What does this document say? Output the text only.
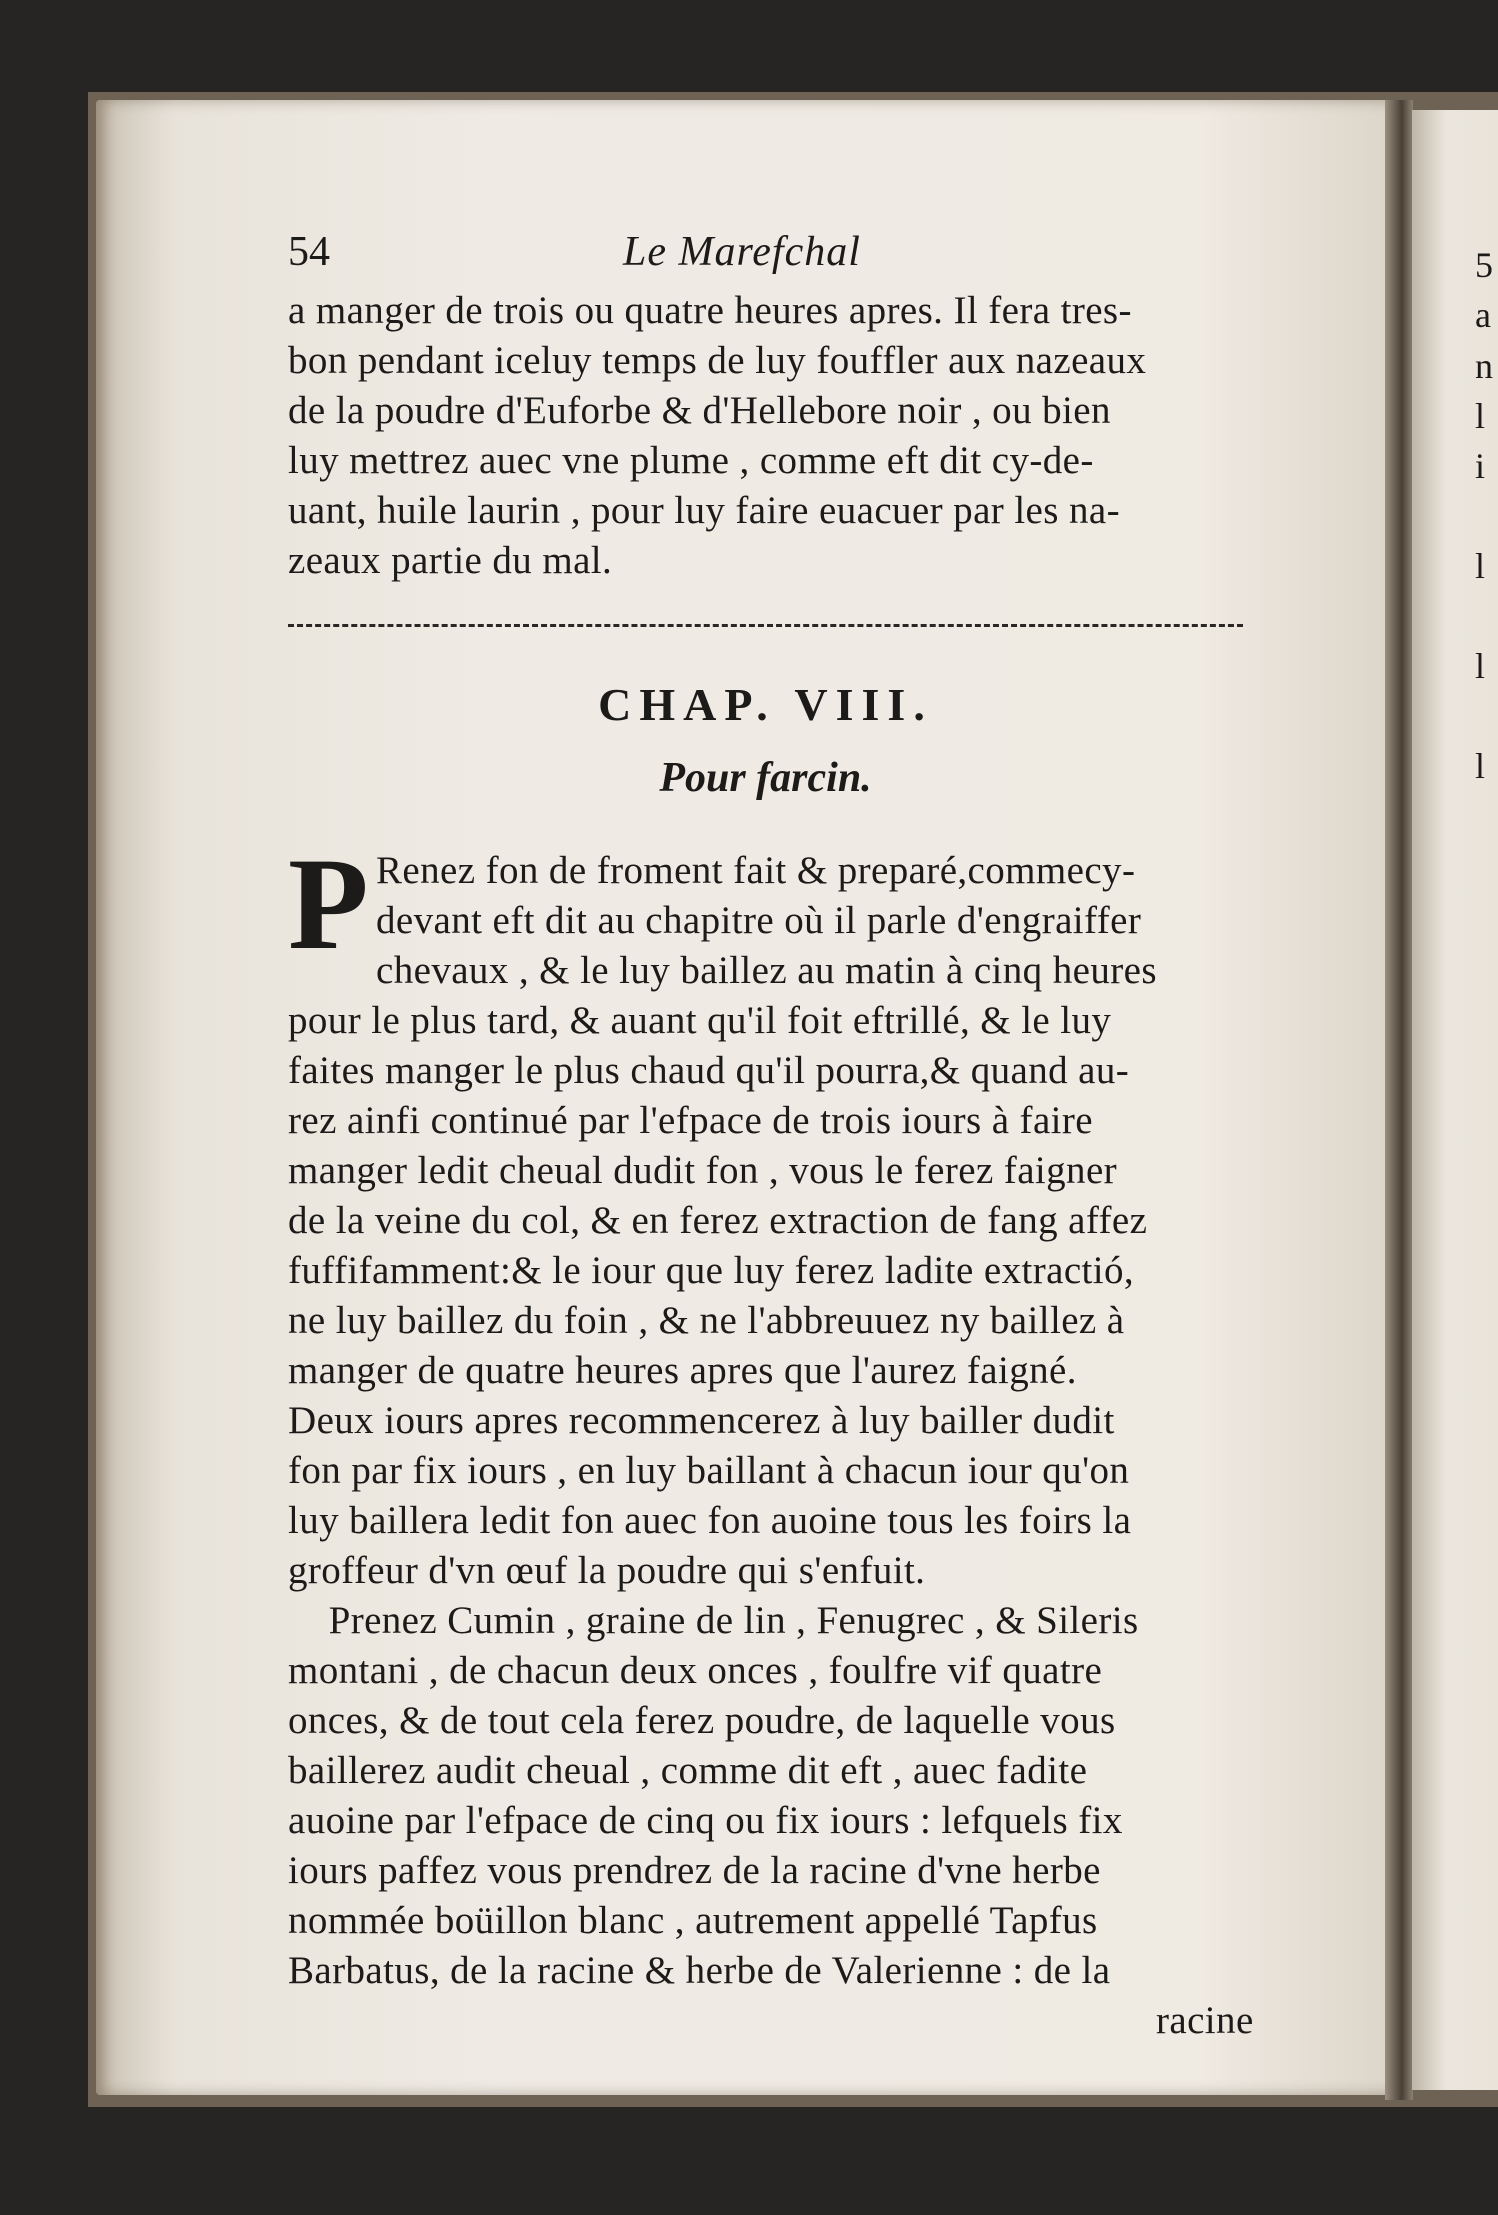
5
a
n
l
i
l
l
l
54	Le Marefchal
a manger de trois ou quatre heures apres. Il fera tres-
bon pendant iceluy temps de luy fouffler aux nazeaux
de la poudre d'Euforbe & d'Hellebore noir , ou bien
luy mettrez auec vne plume , comme eft dit cy-de-
uant, huile laurin , pour luy faire euacuer par les na-
zeaux partie du mal.
CHAP. VIII.
Pour farcin.
P Renez fon de froment fait & preparé,commecy-
devant eft dit au chapitre où il parle d'engraiffer
chevaux , & le luy baillez au matin à cinq heures
pour le plus tard, & auant qu'il foit eftrillé, & le luy
faites manger le plus chaud qu'il pourra,& quand au-
rez ainfi continué par l'efpace de trois iours à faire
manger ledit cheual dudit fon , vous le ferez faigner
de la veine du col, & en ferez extraction de fang affez
fuffifamment:& le iour que luy ferez ladite extractió,
ne luy baillez du foin , & ne l'abbreuuez ny baillez à
manger de quatre heures apres que l'aurez faigné.
Deux iours apres recommencerez à luy bailler dudit
fon par fix iours , en luy baillant à chacun iour qu'on
luy baillera ledit fon auec fon auoine tous les foirs la
groffeur d'vn œuf la poudre qui s'enfuit.
Prenez Cumin , graine de lin , Fenugrec , & Sileris
montani , de chacun deux onces , foulfre vif quatre
onces, & de tout cela ferez poudre, de laquelle vous
baillerez audit cheual , comme dit eft , auec fadite
auoine par l'efpace de cinq ou fix iours : lefquels fix
iours paffez vous prendrez de la racine d'vne herbe
nommée boüillon blanc , autrement appellé Tapfus
Barbatus, de la racine & herbe de Valerienne : de la
racine
